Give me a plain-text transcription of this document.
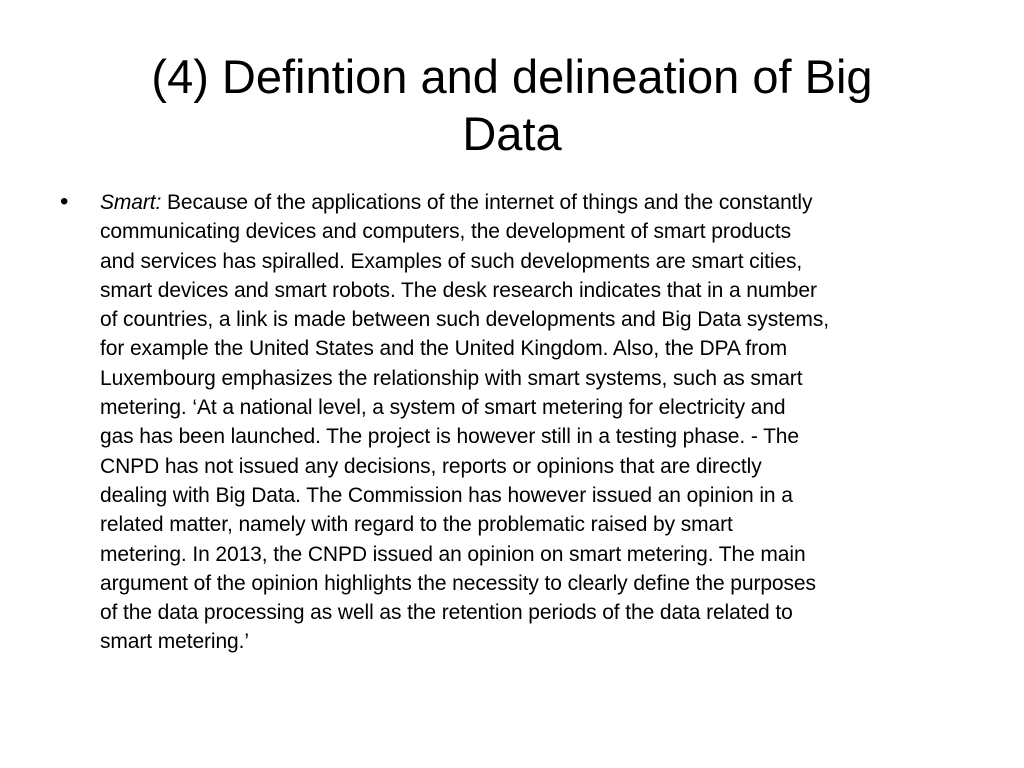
(4) Defintion and delineation of Big
Data
• Smart: Because of the applications of the internet of things and the constantly
communicating devices and computers, the development of smart products
and services has spiralled. Examples of such developments are smart cities,
smart devices and smart robots. The desk research indicates that in a number
of countries, a link is made between such developments and Big Data systems,
for example the United States and the United Kingdom. Also, the DPA from
Luxembourg emphasizes the relationship with smart systems, such as smart
metering. ‘At a national level, a system of smart metering for electricity and
gas has been launched. The project is however still in a testing phase. - The
CNPD has not issued any decisions, reports or opinions that are directly
dealing with Big Data. The Commission has however issued an opinion in a
related matter, namely with regard to the problematic raised by smart
metering. In 2013, the CNPD issued an opinion on smart metering. The main
argument of the opinion highlights the necessity to clearly define the purposes
of the data processing as well as the retention periods of the data related to
smart metering.’
